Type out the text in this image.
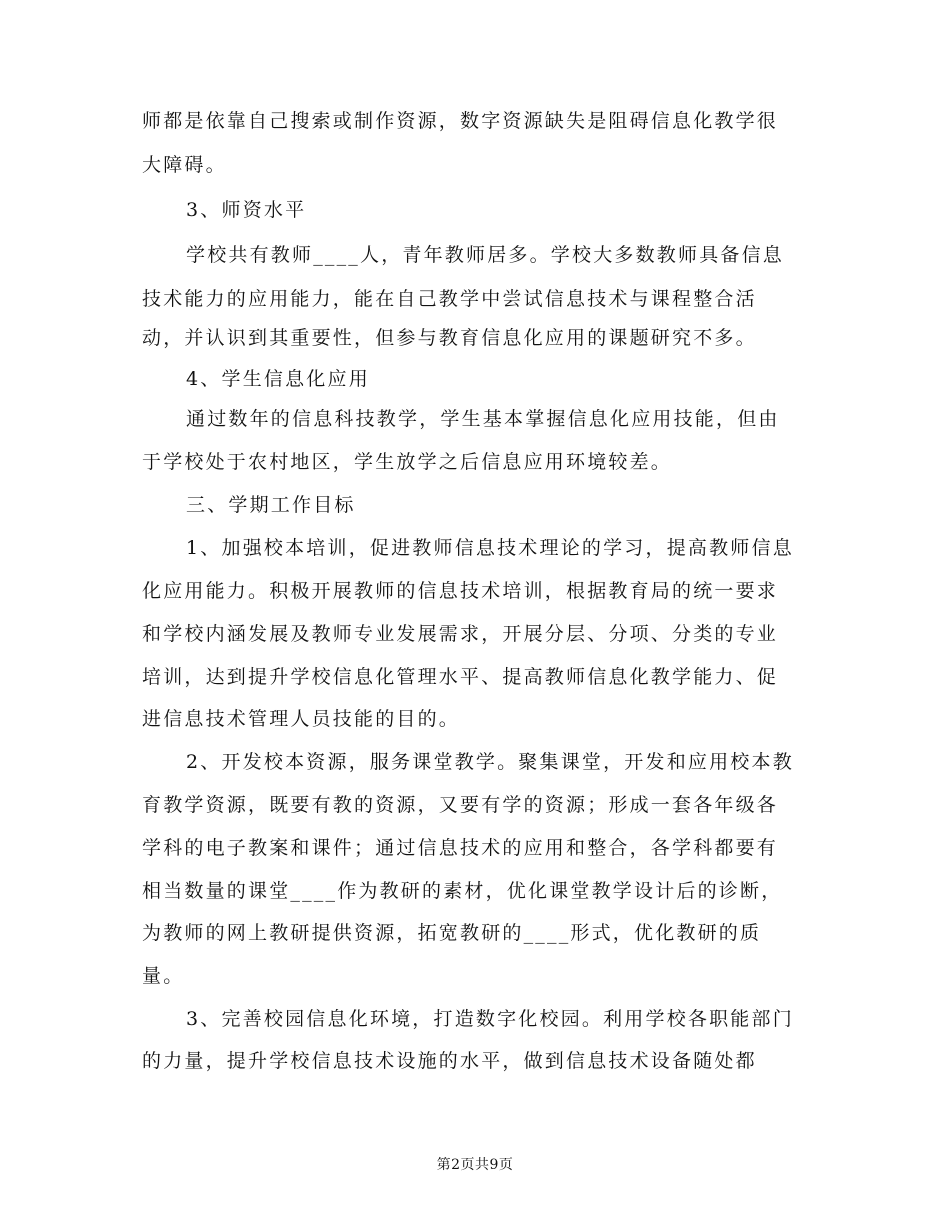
师都是依靠自己搜索或制作资源，数字资源缺失是阻碍信息化教学很
大障碍。
3、师资水平
学校共有教师____人，青年教师居多。学校大多数教师具备信息
技术能力的应用能力，能在自己教学中尝试信息技术与课程整合活
动，并认识到其重要性，但参与教育信息化应用的课题研究不多。
4、学生信息化应用
通过数年的信息科技教学，学生基本掌握信息化应用技能，但由
于学校处于农村地区，学生放学之后信息应用环境较差。
三、学期工作目标
1、加强校本培训，促进教师信息技术理论的学习，提高教师信息
化应用能力。积极开展教师的信息技术培训，根据教育局的统一要求
和学校内涵发展及教师专业发展需求，开展分层、分项、分类的专业
培训，达到提升学校信息化管理水平、提高教师信息化教学能力、促
进信息技术管理人员技能的目的。
2、开发校本资源，服务课堂教学。聚集课堂，开发和应用校本教
育教学资源，既要有教的资源，又要有学的资源；形成一套各年级各
学科的电子教案和课件；通过信息技术的应用和整合，各学科都要有
相当数量的课堂____作为教研的素材，优化课堂教学设计后的诊断，
为教师的网上教研提供资源，拓宽教研的____形式，优化教研的质
量。
3、完善校园信息化环境，打造数字化校园。利用学校各职能部门
的力量，提升学校信息技术设施的水平，做到信息技术设备随处都
第2页共9页
